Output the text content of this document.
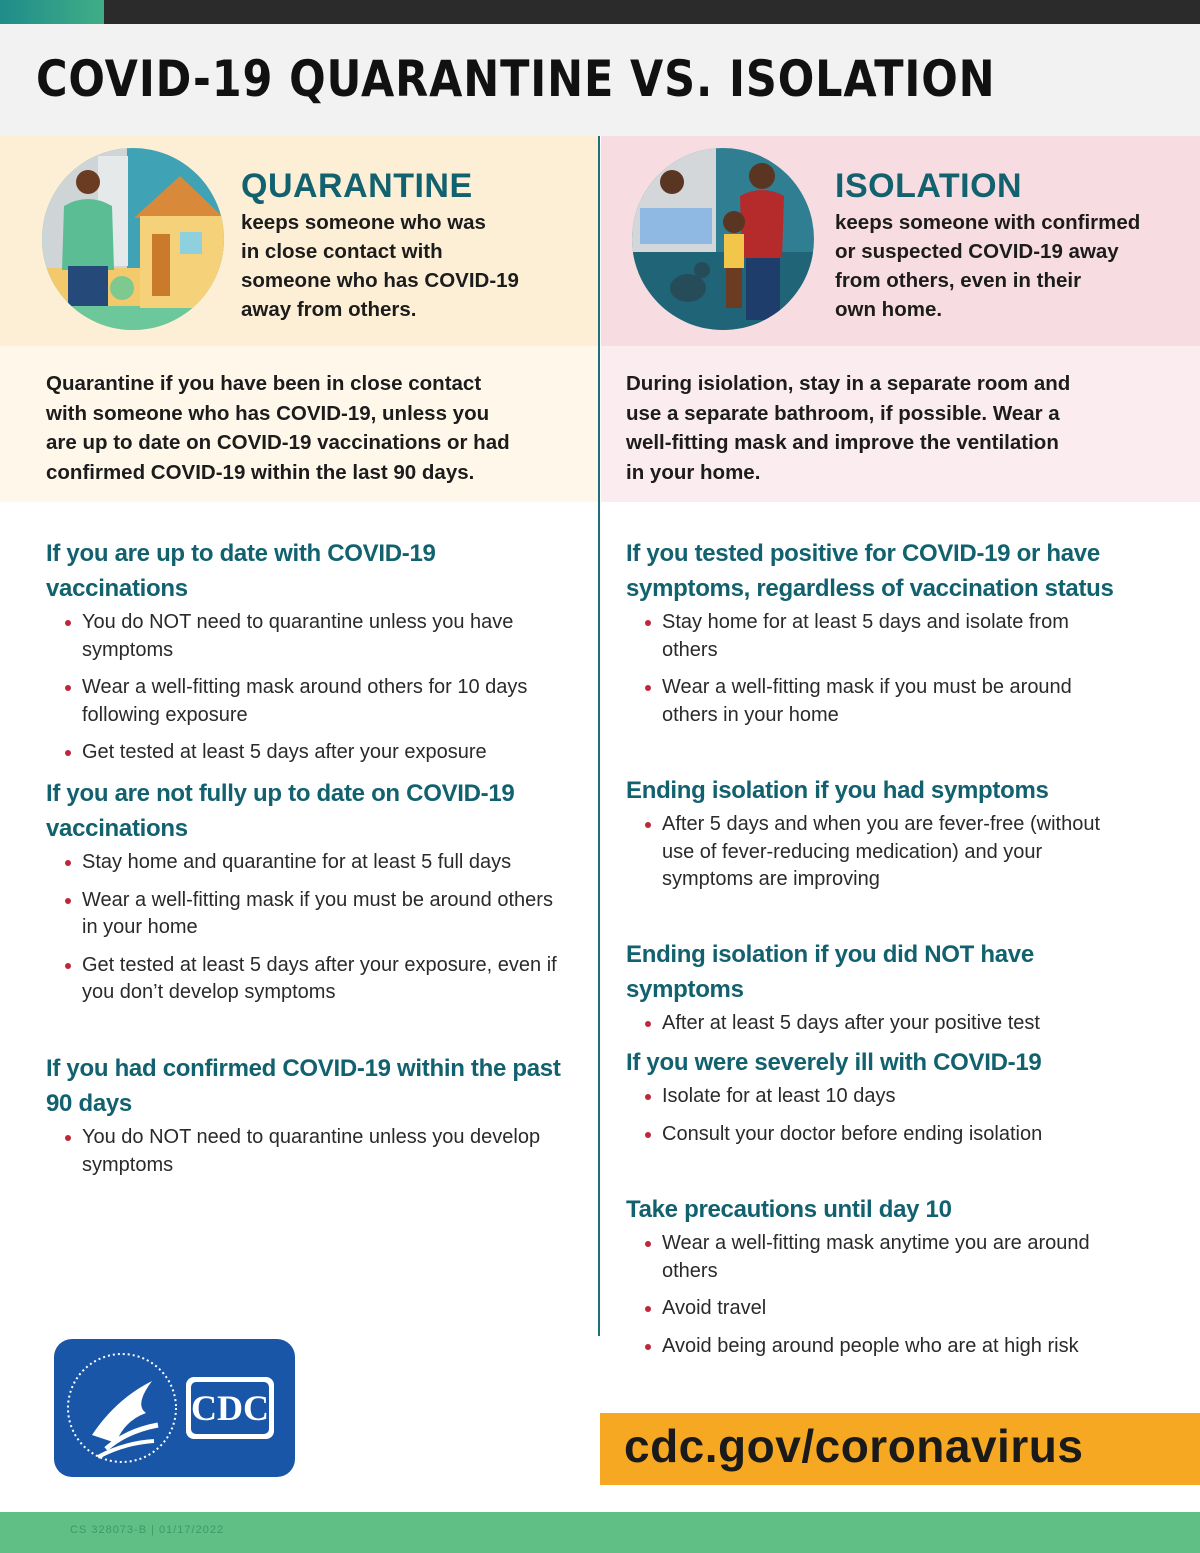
COVID-19 QUARANTINE VS. ISOLATION
QUARANTINE

keeps someone who was
in close contact with
someone who has COVID-19
away from others.

Quarantine if you have been in close contact
with someone who has COVID-19, unless you
are up to date on COVID-19 vaccinations or had
confirmed COVID-19 within the last 90 days.

ISOLATION

keeps someone with confirmed
or suspected COVID-19 away
from others, even in their
own home.

During isiolation, stay in a separate room and
use a separate bathroom, if possible. Wear a
well-fitting mask and improve the ventilation
in your home.

If you are up to date with COVID-19 vaccinations
You do NOT need to quarantine unless you have symptoms
Wear a well-fitting mask around others for 10 days following exposure
Get tested at least 5 days after your exposure
If you are not fully up to date on COVID-19 vaccinations
Stay home and quarantine for at least 5 full days
Wear a well-fitting mask if you must be around others in your home
Get tested at least 5 days after your exposure, even if you don’t develop symptoms
If you had confirmed COVID-19 within the past 90 days
You do NOT need to quarantine unless you develop symptoms
If you tested positive for COVID-19 or have symptoms, regardless of vaccination status
Stay home for at least 5 days and isolate from others
Wear a well-fitting mask if you must be around others in your home
Ending isolation if you had symptoms
After 5 days and when you are fever-free (without use of fever-reducing medication) and your symptoms are improving
Ending isolation if you did NOT have symptoms
After at least 5 days after your positive test
If you were severely ill with COVID-19
Isolate for at least 10 days
Consult your doctor before ending isolation
Take precautions until day 10
Wear a well-fitting mask anytime you are around others
Avoid travel
Avoid being around people who are at high risk
CDC

cdc.gov/coronavirus

CS 328073-B | 01/17/2022
